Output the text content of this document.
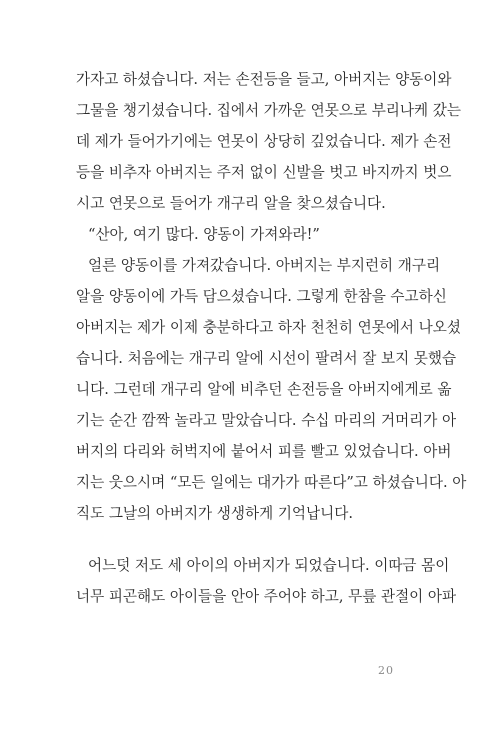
가자고 하셨습니다. 저는 손전등을 들고, 아버지는 양동이와
그물을 챙기셨습니다. 집에서 가까운 연못으로 부리나케 갔는
데 제가 들어가기에는 연못이 상당히 깊었습니다. 제가 손전
등을 비추자 아버지는 주저 없이 신발을 벗고 바지까지 벗으
시고 연못으로 들어가 개구리 알을 찾으셨습니다.
“산아, 여기 많다. 양동이 가져와라!”
얼른 양동이를 가져갔습니다. 아버지는 부지런히 개구리
알을 양동이에 가득 담으셨습니다. 그렇게 한참을 수고하신
아버지는 제가 이제 충분하다고 하자 천천히 연못에서 나오셨
습니다. 처음에는 개구리 알에 시선이 팔려서 잘 보지 못했습
니다. 그런데 개구리 알에 비추던 손전등을 아버지에게로 옮
기는 순간 깜짝 놀라고 말았습니다. 수십 마리의 거머리가 아
버지의 다리와 허벅지에 붙어서 피를 빨고 있었습니다. 아버
지는 웃으시며 “모든 일에는 대가가 따른다”고 하셨습니다. 아
직도 그날의 아버지가 생생하게 기억납니다.
어느덧 저도 세 아이의 아버지가 되었습니다. 이따금 몸이
너무 피곤해도 아이들을 안아 주어야 하고, 무릎 관절이 아파
20
